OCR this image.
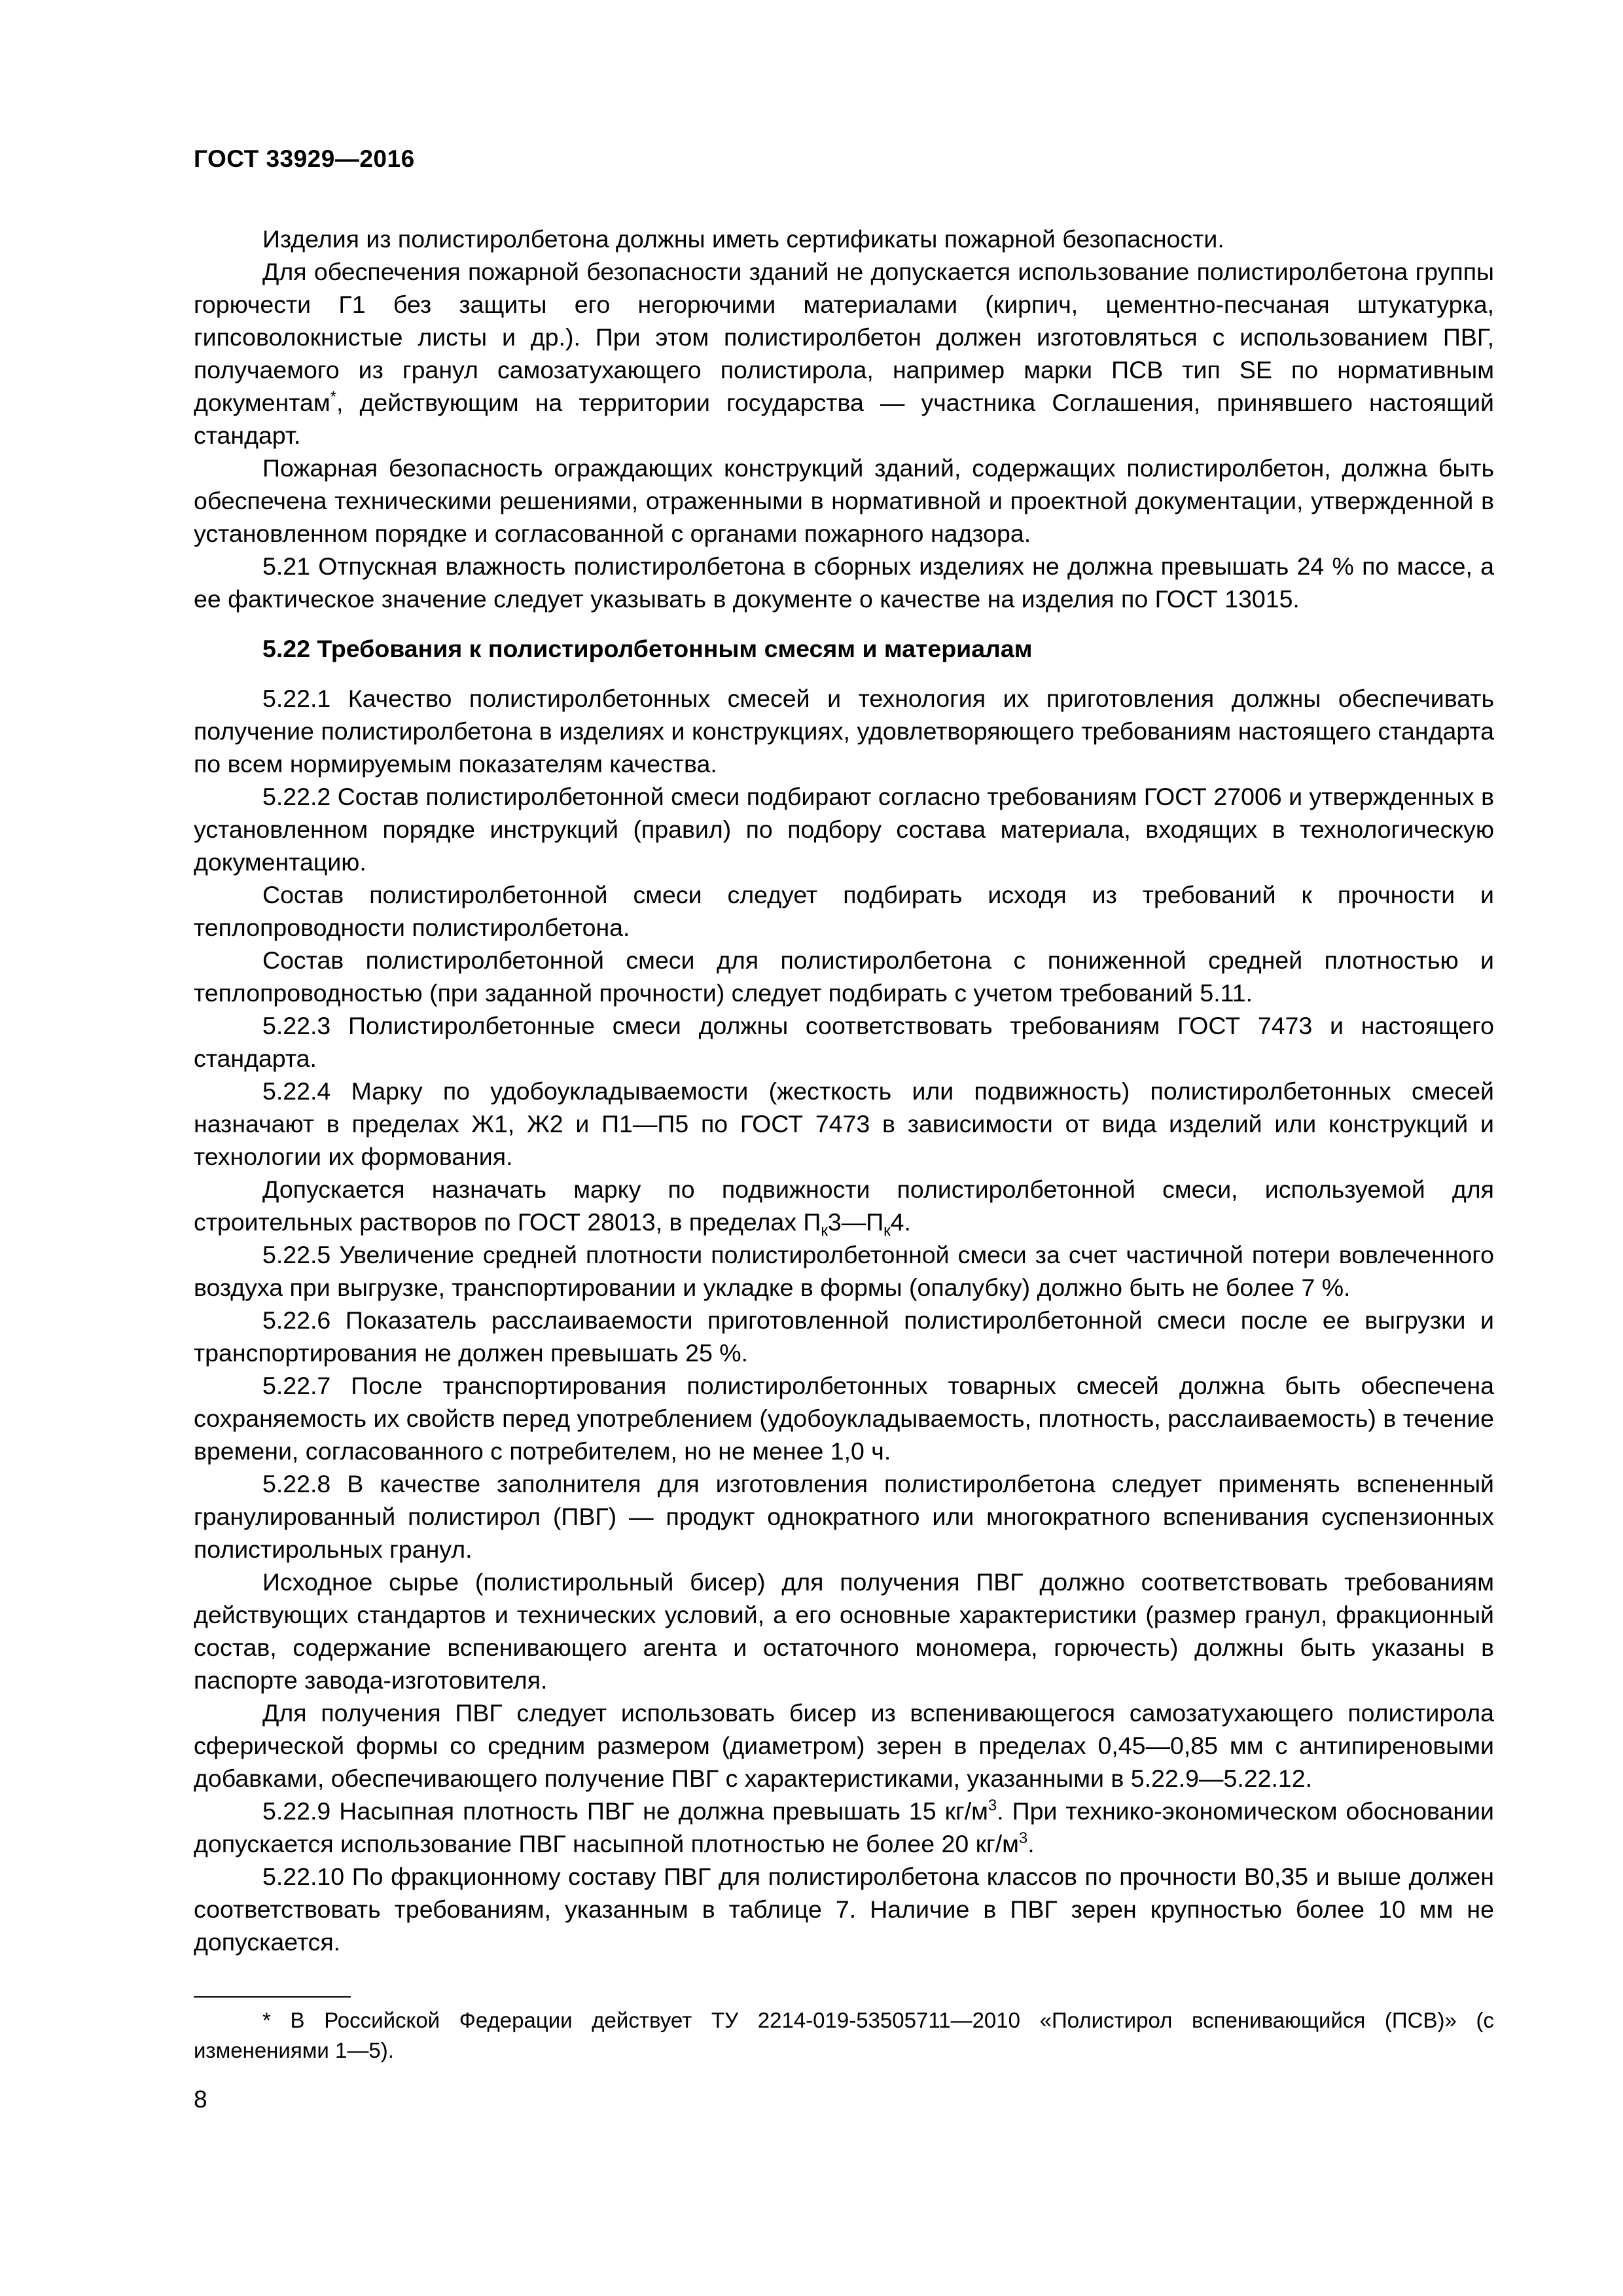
ГОСТ 33929—2016

Изделия из полистиролбетона должны иметь сертификаты пожарной безопасности.

Для обеспечения пожарной безопасности зданий не допускается использование полистиролбетона группы горючести Г1 без защиты его негорючими материалами (кирпич, цементно-песчаная штукатурка, гипсоволокнистые листы и др.). При этом полистиролбетон должен изготовляться с использованием ПВГ, получаемого из гранул самозатухающего полистирола, например марки ПСВ тип SE по нормативным документам*, действующим на территории государства — участника Соглашения, принявшего настоящий стандарт.

Пожарная безопасность ограждающих конструкций зданий, содержащих полистиролбетон, должна быть обеспечена техническими решениями, отраженными в нормативной и проектной документации, утвержденной в установленном порядке и согласованной с органами пожарного надзора.

5.21 Отпускная влажность полистиролбетона в сборных изделиях не должна превышать 24 % по массе, а ее фактическое значение следует указывать в документе о качестве на изделия по ГОСТ 13015.

5.22 Требования к полистиролбетонным смесям и материалам

5.22.1 Качество полистиролбетонных смесей и технология их приготовления должны обеспечивать получение полистиролбетона в изделиях и конструкциях, удовлетворяющего требованиям настоящего стандарта по всем нормируемым показателям качества.

5.22.2 Состав полистиролбетонной смеси подбирают согласно требованиям ГОСТ 27006 и утвержденных в установленном порядке инструкций (правил) по подбору состава материала, входящих в технологическую документацию.

Состав полистиролбетонной смеси следует подбирать исходя из требований к прочности и теплопроводности полистиролбетона.

Состав полистиролбетонной смеси для полистиролбетона с пониженной средней плотностью и теплопроводностью (при заданной прочности) следует подбирать с учетом требований 5.11.

5.22.3 Полистиролбетонные смеси должны соответствовать требованиям ГОСТ 7473 и настоящего стандарта.

5.22.4 Марку по удобоукладываемости (жесткость или подвижность) полистиролбетонных смесей назначают в пределах Ж1, Ж2 и П1—П5 по ГОСТ 7473 в зависимости от вида изделий или конструкций и технологии их формования.

Допускается назначать марку по подвижности полистиролбетонной смеси, используемой для строительных растворов по ГОСТ 28013, в пределах $П_к3—П_к4$.

5.22.5 Увеличение средней плотности полистиролбетонной смеси за счет частичной потери вовлеченного воздуха при выгрузке, транспортировании и укладке в формы (опалубку) должно быть не более 7 %.

5.22.6 Показатель расслаиваемости приготовленной полистиролбетонной смеси после ее выгрузки и транспортирования не должен превышать 25 %.

5.22.7 После транспортирования полистиролбетонных товарных смесей должна быть обеспечена сохраняемость их свойств перед употреблением (удобоукладываемость, плотность, расслаиваемость) в течение времени, согласованного с потребителем, но не менее 1,0 ч.

5.22.8 В качестве заполнителя для изготовления полистиролбетона следует применять вспененный гранулированный полистирол (ПВГ) — продукт однократного или многократного вспенивания суспензионных полистирольных гранул.

Исходное сырье (полистирольный бисер) для получения ПВГ должно соответствовать требованиям действующих стандартов и технических условий, а его основные характеристики (размер гранул, фракционный состав, содержание вспенивающего агента и остаточного мономера, горючесть) должны быть указаны в паспорте завода-изготовителя.

Для получения ПВГ следует использовать бисер из вспенивающегося самозатухающего полистирола сферической формы со средним размером (диаметром) зерен в пределах 0,45—0,85 мм с антипиреновыми добавками, обеспечивающего получение ПВГ с характеристиками, указанными в 5.22.9—5.22.12.

5.22.9 Насыпная плотность ПВГ не должна превышать 15 $кг/м^3$. При технико-экономическом обосновании допускается использование ПВГ насыпной плотностью не более 20 $кг/м^3$.

5.22.10 По фракционному составу ПВГ для полистиролбетона классов по прочности В0,35 и выше должен соответствовать требованиям, указанным в таблице 7. Наличие в ПВГ зерен крупностью более 10 мм не допускается.

* В Российской Федерации действует ТУ 2214-019-53505711—2010 «Полистирол вспенивающийся (ПСВ)» (с изменениями 1—5).

8
